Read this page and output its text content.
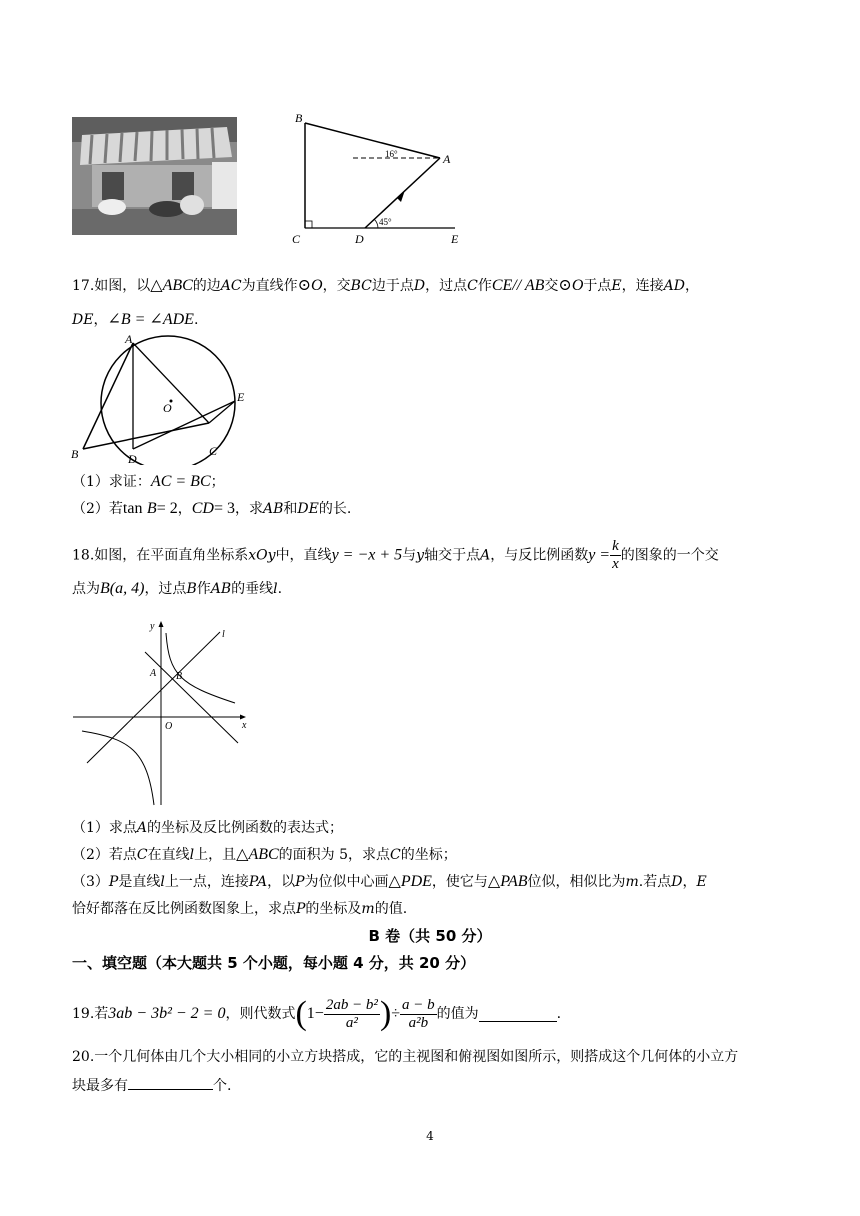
B
A
C	D	E
16°
45°
17.如图，以△ABC的边AC为直线作⊙O，交BC边于点D，过点C作CE// AB交⊙O于点E，连接AD，
DE，∠B = ∠ADE.
A
O
E
B	D
C
（1）求证：AC = BC；
（2）若tan B= 2，CD= 3，求AB和DE的长.
18.如图，在平面直角坐标系xOy中，直线y = −x + 5与y轴交于点A，与反比例函数$y = \frac{k}{x}$ 的图象的一个交
点为B(a, 4)，过点B作AB的垂线l.
y
l
A B
O	x
（1）求点A的坐标及反比例函数的表达式；
（2）若点C在直线l上，且△ABC的面积为 5，求点C的坐标；
（3）P是直线l上一点，连接PA，以P为位似中心画△PDE，使它与△PAB位似，相似比为m.若点D，E
恰好都落在反比例函数图象上，求点P的坐标及m的值.
B 卷（共 50 分）
一、填空题（本大题共 5 个小题，每小题 4 分，共 20 分）
19.若3ab − 3b² − 2 = 0，则代数式($1- \frac{\text{2ab − b²}}{\text{a²}}$ )÷ $\frac{a - b}{\text{a²b}}$ 的值为	.
20.一个几何体由几个大小相同的小立方块搭成，它的主视图和俯视图如图所示，则搭成这个几何体的小立方
块最多有	个.
4
